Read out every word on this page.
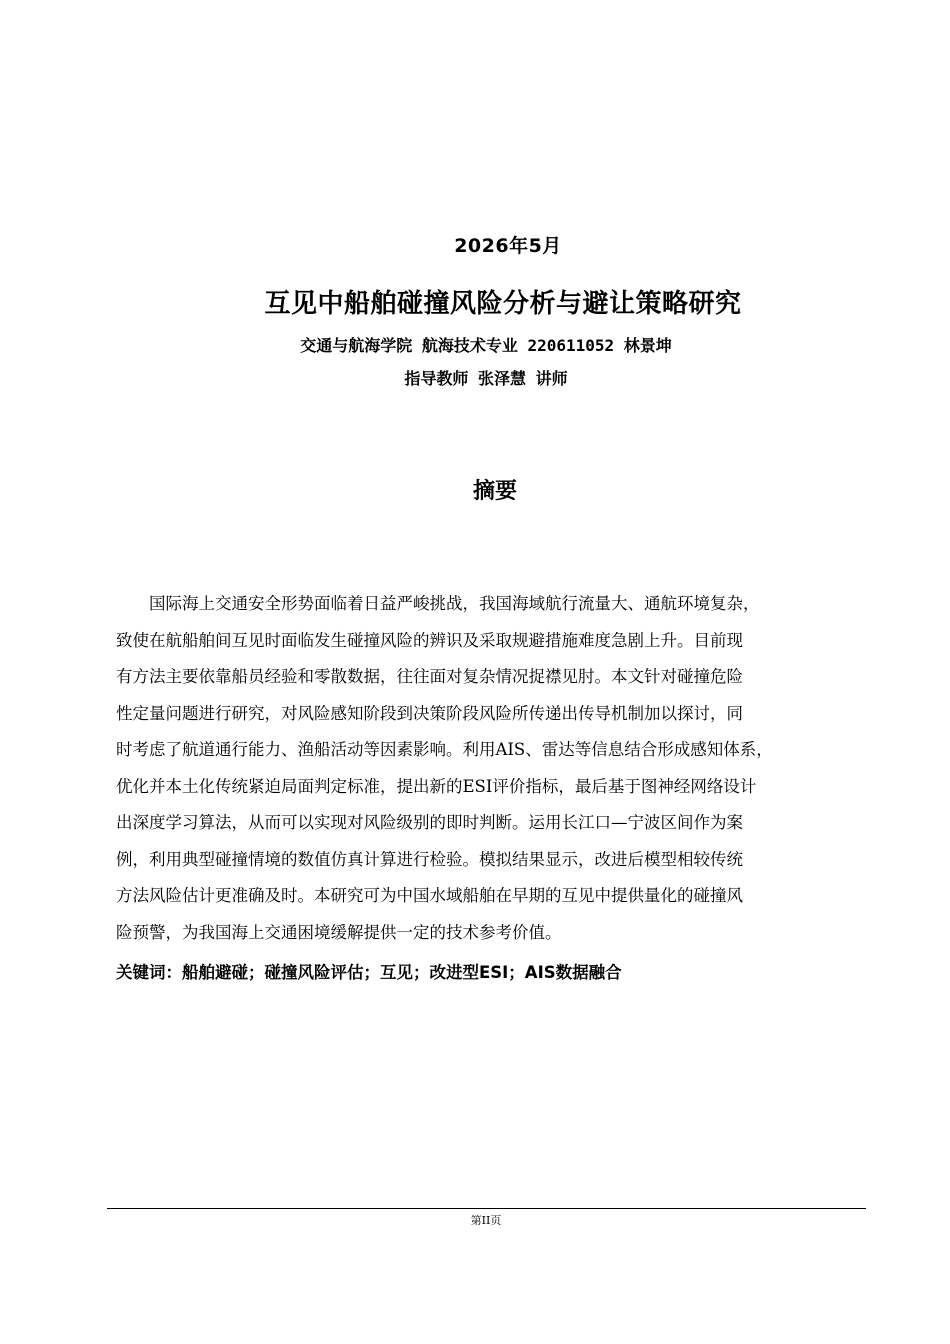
2026年5月
互见中船舶碰撞风险分析与避让策略研究
交通与航海学院 航海技术专业 220611052 林景坤
指导教师 张泽慧 讲师
摘要
国际海上交通安全形势面临着日益严峻挑战，我国海域航行流量大、通航环境复杂，
致使在航船舶间互见时面临发生碰撞风险的辨识及采取规避措施难度急剧上升。目前现
有方法主要依靠船员经验和零散数据，往往面对复杂情况捉襟见肘。本文针对碰撞危险
性定量问题进行研究，对风险感知阶段到决策阶段风险所传递出传导机制加以探讨，同
时考虑了航道通行能力、渔船活动等因素影响。利用AIS、雷达等信息结合形成感知体系，
优化并本土化传统紧迫局面判定标准，提出新的ESI评价指标，最后基于图神经网络设计
出深度学习算法，从而可以实现对风险级别的即时判断。运用长江口—宁波区间作为案
例，利用典型碰撞情境的数值仿真计算进行检验。模拟结果显示，改进后模型相较传统
方法风险估计更准确及时。本研究可为中国水域船舶在早期的互见中提供量化的碰撞风
险预警，为我国海上交通困境缓解提供一定的技术参考价值。
关键词：船舶避碰；碰撞风险评估；互见；改进型ESI；AIS数据融合
第II页
